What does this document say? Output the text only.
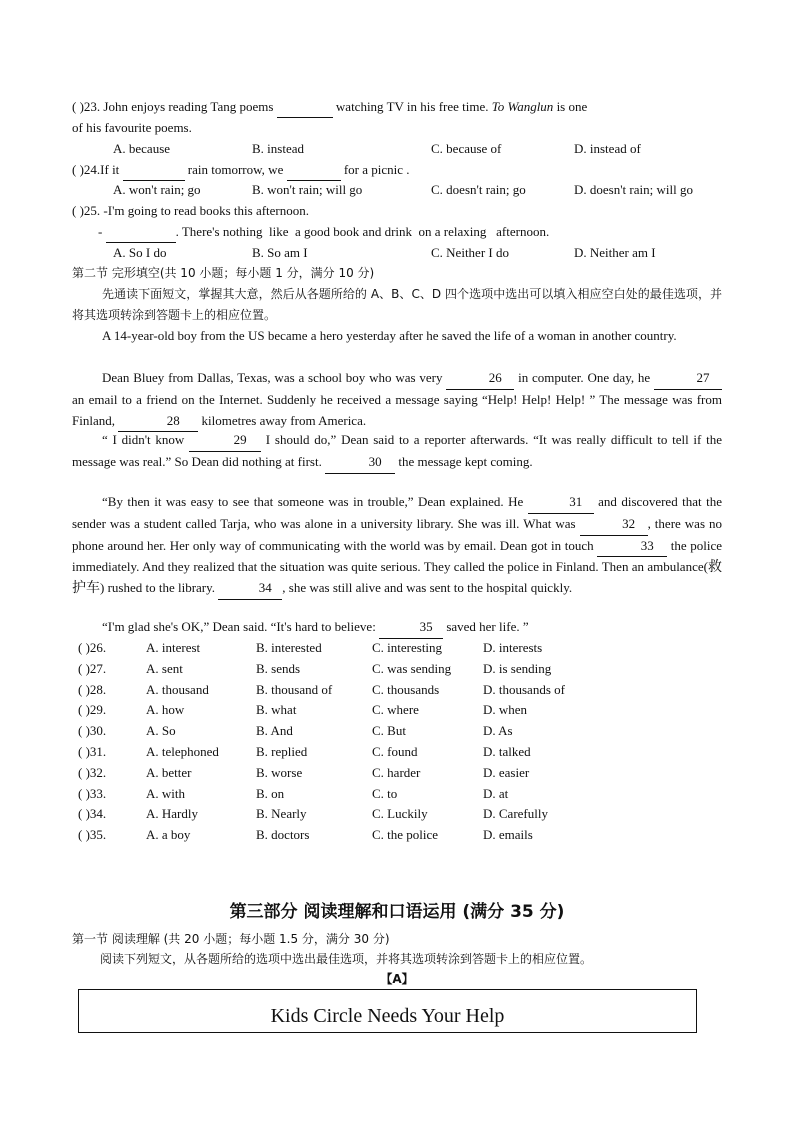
( )23. John enjoys reading Tang poems	watching TV in his free time. To Wanglun is one
of his favourite poems.
A. because	B. instead	C. because of	D. instead of
( )24.If it	rain tomorrow, we	for a picnic .
A. won't rain; go	B. won't rain; will go	C. doesn't rain; go	D. doesn't rain; will go
( )25. -I'm going to read books this afternoon.
-	. There's nothing  like  a good book and drink  on a relaxing   afternoon.
A. So I do	B. So am I	C. Neither I do	D. Neither am I
第二节 完形填空(共 10 小题；每小题 1 分，满分 10 分)
先通读下面短文，掌握其大意，然后从各题所给的 A、B、C、D 四个选项中选出可以填入相应空白处的最佳选项，并将其选项转涂到答题卡上的相应位置。
A 14-year-old boy from the US became a hero yesterday after he saved the life of a woman in another country.
Dean Bluey from Dallas, Texas, was a school boy who was very	26 in computer. One day, he	27 an email to a friend on the Internet. Suddenly he received a message saying “Help! Help! Help! ” The message was from Finland,	28 kilometres away from America.
“ I didn't know	29 I should do,” Dean said to a reporter afterwards. “It was really difficult to tell if the message was real.” So Dean did nothing at first.	30 the message kept coming.
“By then it was easy to see that someone was in trouble,” Dean explained. He	31 and discovered that the sender was a student called Tarja, who was alone in a university library. She was ill. What was	32 , there was no phone around her. Her only way of communicating with the world was by email. Dean got in touch	33 the police immediately. And they realized that the situation was quite serious. They called the police in Finland. Then an ambulance(救护车) rushed to the library.	34 , she was still alive and was sent to the hospital quickly.
“I'm glad she's OK,” Dean said. “It's hard to believe:	35 saved her life. ”
( )26.	A. interest	B. interested	C. interesting	D. interests
( )27.	A. sent	B. sends	C. was sending D. is sending
( )28.	A. thousand	B. thousand of	C. thousands	D. thousands of
( )29.	A. how	B. what	C. where	D. when
( )30.	A. So	B. And	C. But	D. As
( )31.	A. telephoned	B. replied	C. found	D. talked
( )32.	A. better	B. worse	C. harder	D. easier
( )33.	A. with	B. on	C. to	D. at
( )34.	A. Hardly	B. Nearly	C. Luckily	D. Carefully
( )35.	A. a boy	B. doctors	C. the police	D. emails
第三部分 阅读理解和口语运用 (满分 35 分)
第一节 阅读理解 (共 20 小题；每小题 1.5 分，满分 30 分)
阅读下列短文，从各题所给的选项中选出最佳选项，并将其选项转涂到答题卡上的相应位置。
【A】
Kids Circle Needs Your Help
